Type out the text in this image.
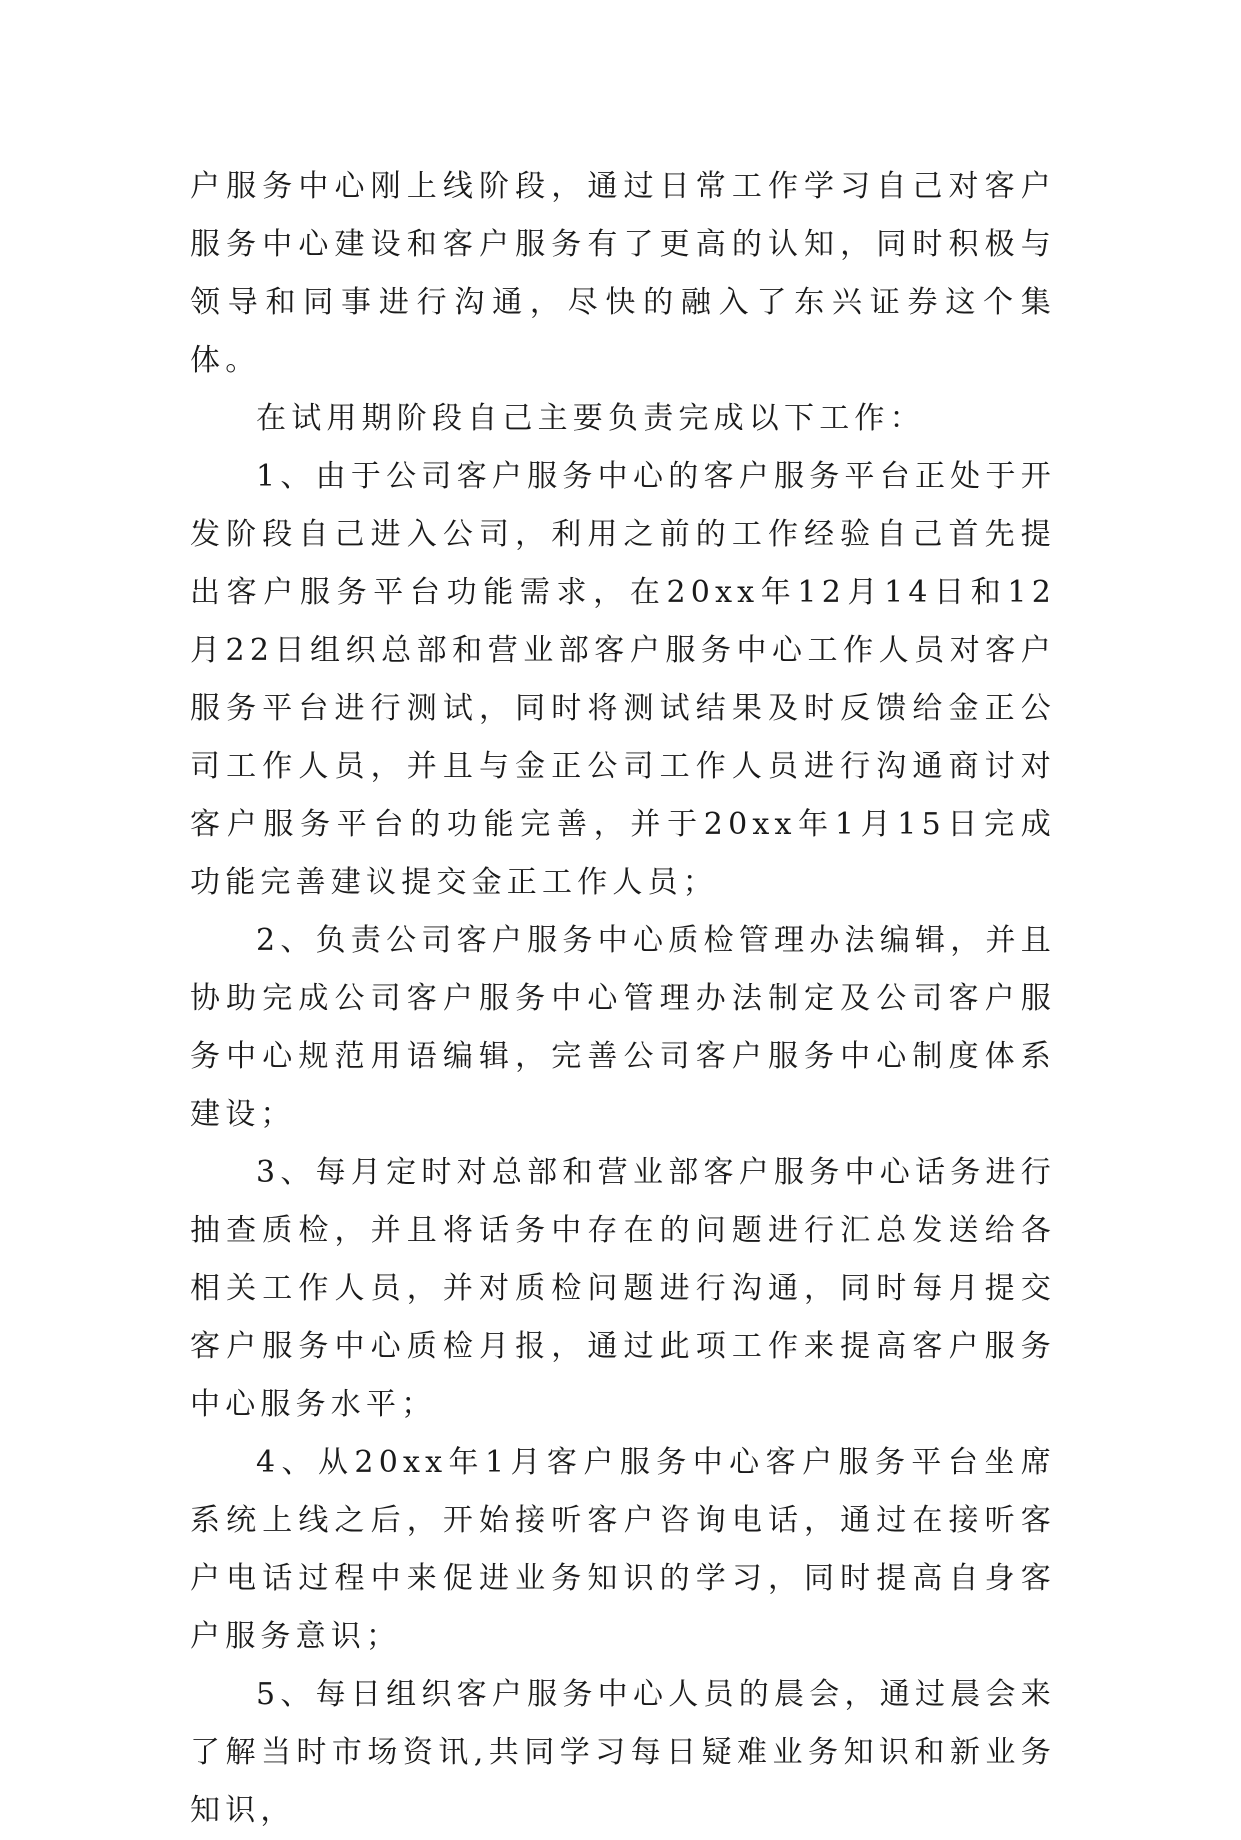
户服务中心刚上线阶段，通过日常工作学习自己对客户服务中心建设和客户服务有了更高的认知，同时积极与领导和同事进行沟通，尽快的融入了东兴证券这个集体。

在试用期阶段自己主要负责完成以下工作：

1、由于公司客户服务中心的客户服务平台正处于开发阶段自己进入公司，利用之前的工作经验自己首先提出客户服务平台功能需求，在20xx年12月14日和12月22日组织总部和营业部客户服务中心工作人员对客户服务平台进行测试，同时将测试结果及时反馈给金正公司工作人员，并且与金正公司工作人员进行沟通商讨对客户服务平台的功能完善，并于20xx年1月15日完成功能完善建议提交金正工作人员；

2、负责公司客户服务中心质检管理办法编辑，并且协助完成公司客户服务中心管理办法制定及公司客户服务中心规范用语编辑，完善公司客户服务中心制度体系建设；

3、每月定时对总部和营业部客户服务中心话务进行抽查质检，并且将话务中存在的问题进行汇总发送给各相关工作人员，并对质检问题进行沟通，同时每月提交客户服务中心质检月报，通过此项工作来提高客户服务中心服务水平；

4、从20xx年1月客户服务中心客户服务平台坐席系统上线之后，开始接听客户咨询电话，通过在接听客户电话过程中来促进业务知识的学习，同时提高自身客户服务意识；

5、每日组织客户服务中心人员的晨会，通过晨会来了解当时市场资讯,共同学习每日疑难业务知识和新业务知识，
